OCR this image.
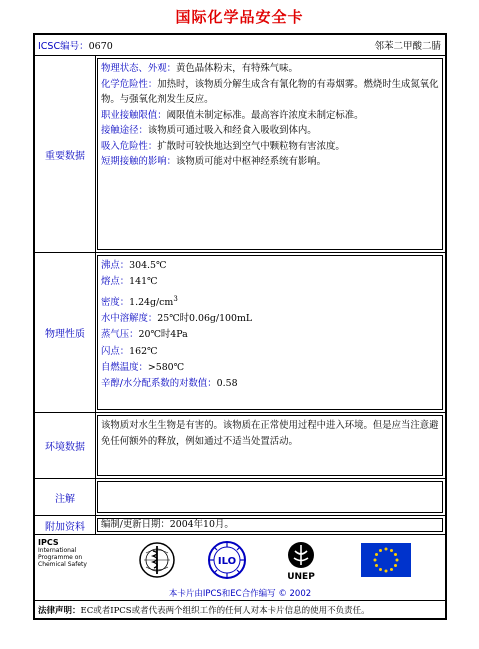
国际化学品安全卡
ICSC编号：0670	邻苯二甲酸二腈
重要数据
物理状态、外观：黄色晶体粉末，有特殊气味。
化学危险性：加热时，该物质分解生成含有氰化物的有毒烟雾。燃烧时生成氮氧化物。与强氧化剂发生反应。
职业接触限值：阈限值未制定标准。最高容许浓度未制定标准。
接触途径：该物质可通过吸入和经食入吸收到体内。
吸入危险性：扩散时可较快地达到空气中颗粒物有害浓度。
短期接触的影响：该物质可能对中枢神经系统有影响。
物理性质
沸点：304.5℃
熔点：141℃
密度：$1.24g/cm^3$
水中溶解度：25℃时0.06g/100mL
蒸气压：20℃时4Pa
闪点：162℃
自燃温度：>580℃
辛醇/水分配系数的对数值：0.58
环境数据
该物质对水生生物是有害的。该物质在正常使用过程中进入环境。但是应当注意避免任何额外的释放，例如通过不适当处置活动。
注解
附加资料	编制/更新日期：2004年10月。
IPCS
International
Programme on
Chemical Safety	ILO
UNEP
本卡片由IPCS和EC合作编写 © 2002
法律声明：EC或者IPCS或者代表两个组织工作的任何人对本卡片信息的使用不负责任。
